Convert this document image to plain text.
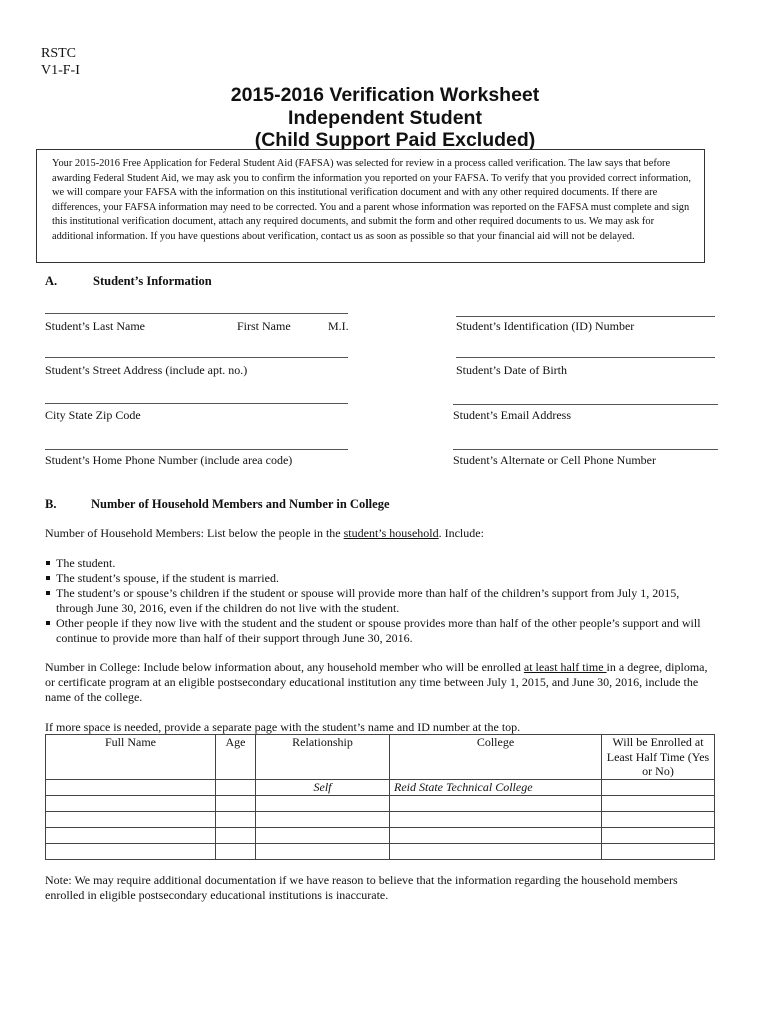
RSTC
V1-F-I
2015-2016 Verification Worksheet
Independent Student
(Child Support Paid Excluded)
Your 2015-2016 Free Application for Federal Student Aid (FAFSA) was selected for review in a process called verification. The law says that before awarding Federal Student Aid, we may ask you to confirm the information you reported on your FAFSA. To verify that you provided correct information, we will compare your FAFSA with the information on this institutional verification document and with any other required documents. If there are differences, your FAFSA information may need to be corrected. You and a parent whose information was reported on the FAFSA must complete and sign this institutional verification document, attach any required documents, and submit the form and other required documents to us. We may ask for additional information. If you have questions about verification, contact us as soon as possible so that your financial aid will not be delayed.
A.	Student’s Information
Student’s Last Name	First Name	M.I.	Student’s Identification (ID) Number
Student’s Street Address (include apt. no.)	Student’s Date of Birth
City State Zip Code	Student’s Email Address
Student’s Home Phone Number (include area code)	Student’s Alternate or Cell Phone Number
B.	Number of Household Members and Number in College
Number of Household Members: List below the people in the student’s household. Include:
The student.
The student’s spouse, if the student is married.
The student’s or spouse’s children if the student or spouse will provide more than half of the children’s support from July 1, 2015, through June 30, 2016, even if the children do not live with the student.
Other people if they now live with the student and the student or spouse provides more than half of the other people’s support and will continue to provide more than half of their support through June 30, 2016.
Number in College: Include below information about, any household member who will be enrolled at least half time in a degree, diploma, or certificate program at an eligible postsecondary educational institution any time between July 1, 2015, and June 30, 2016, include the name of the college.
If more space is needed, provide a separate page with the student’s name and ID number at the top.
Full Name	Age	Relationship	College	Will be Enrolled at Least Half Time (Yes or No)
		Self	Reid State Technical College	

Note: We may require additional documentation if we have reason to believe that the information regarding the household members enrolled in eligible postsecondary educational institutions is inaccurate.
